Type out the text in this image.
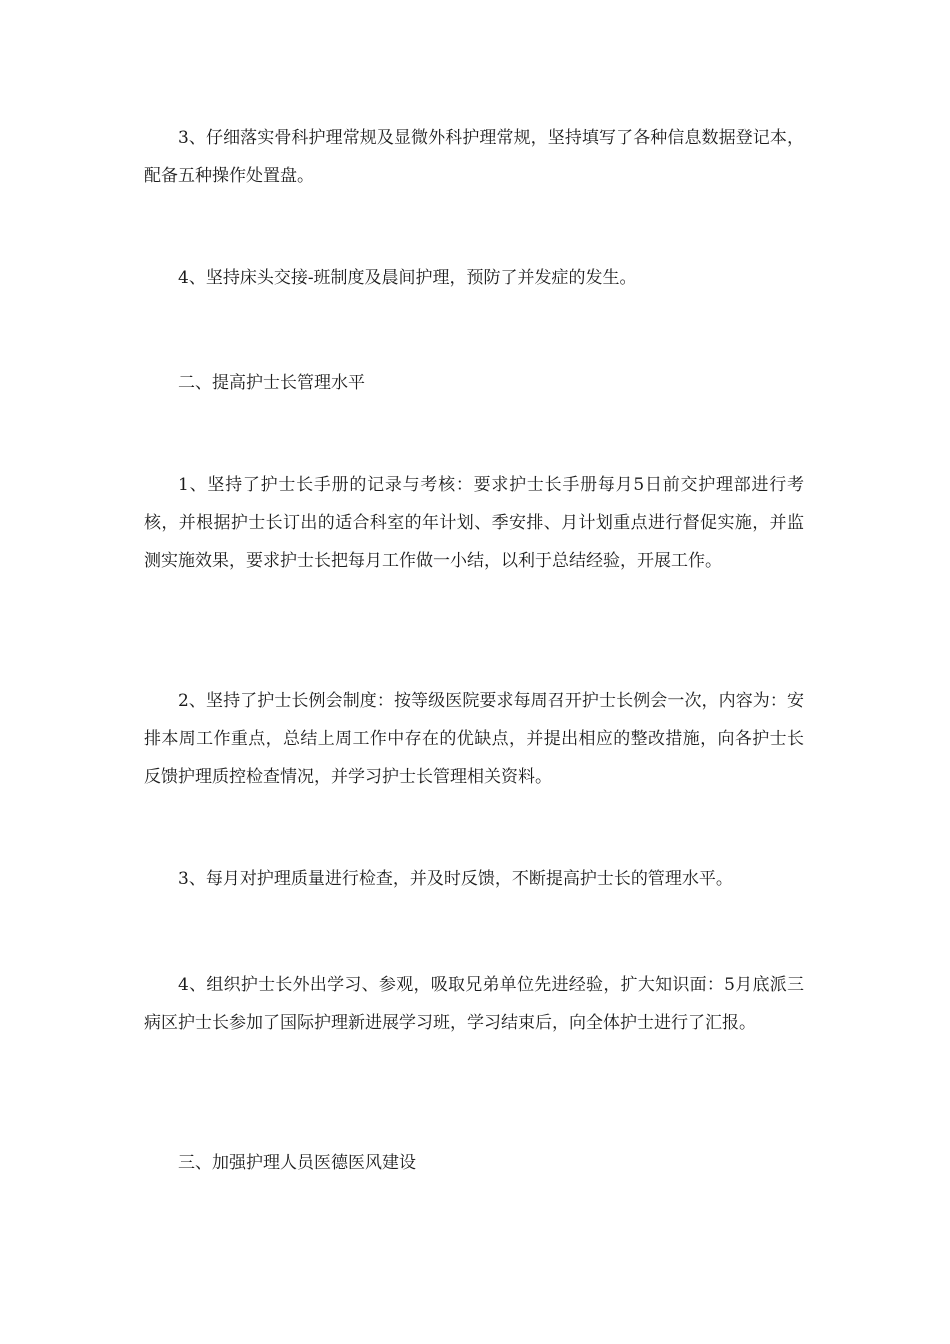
3、仔细落实骨科护理常规及显微外科护理常规，坚持填写了各种信息数据登记本，配备五种操作处置盘。

4、坚持床头交接-班制度及晨间护理，预防了并发症的发生。

二、提高护士长管理水平

1、坚持了护士长手册的记录与考核：要求护士长手册每月5日前交护理部进行考核，并根据护士长订出的适合科室的年计划、季安排、月计划重点进行督促实施，并监测实施效果，要求护士长把每月工作做一小结，以利于总结经验，开展工作。

2、坚持了护士长例会制度：按等级医院要求每周召开护士长例会一次，内容为：安排本周工作重点，总结上周工作中存在的优缺点，并提出相应的整改措施，向各护士长反馈护理质控检查情况，并学习护士长管理相关资料。

3、每月对护理质量进行检查，并及时反馈，不断提高护士长的管理水平。

4、组织护士长外出学习、参观，吸取兄弟单位先进经验，扩大知识面：5月底派三病区护士长参加了国际护理新进展学习班，学习结束后，向全体护士进行了汇报。

三、加强护理人员医德医风建设
